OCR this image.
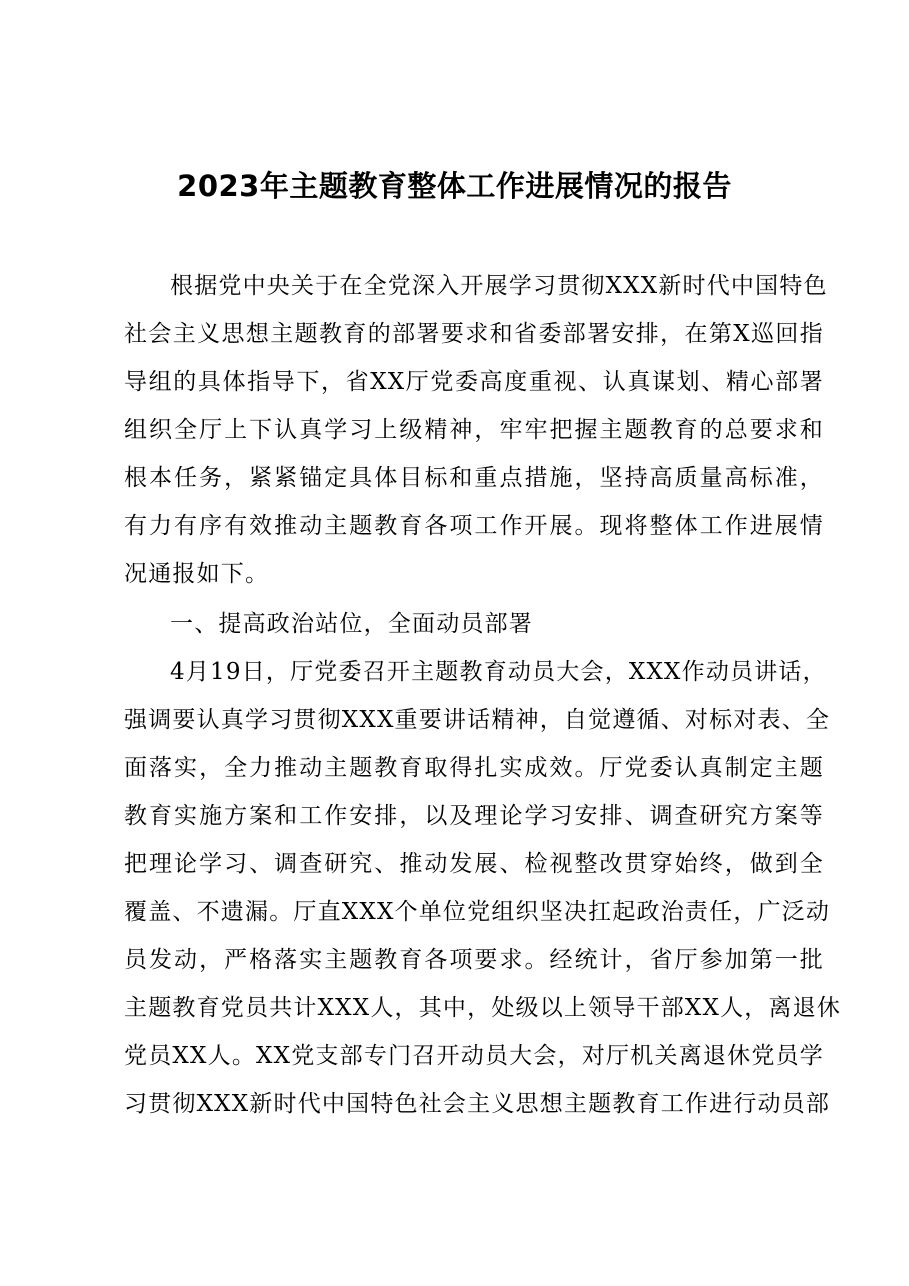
2023年主题教育整体工作进展情况的报告
根据党中央关于在全党深入开展学习贯彻XXX新时代中国特色
社会主义思想主题教育的部署要求和省委部署安排，在第X巡回指
导组的具体指导下，省XX厅党委高度重视、认真谋划、精心部署
组织全厅上下认真学习上级精神，牢牢把握主题教育的总要求和
根本任务，紧紧锚定具体目标和重点措施，坚持高质量高标准，
有力有序有效推动主题教育各项工作开展。现将整体工作进展情
况通报如下。
一、提高政治站位，全面动员部署
4月19日，厅党委召开主题教育动员大会，XXX作动员讲话，
强调要认真学习贯彻XXX重要讲话精神，自觉遵循、对标对表、全
面落实，全力推动主题教育取得扎实成效。厅党委认真制定主题
教育实施方案和工作安排，以及理论学习安排、调查研究方案等
把理论学习、调查研究、推动发展、检视整改贯穿始终，做到全
覆盖、不遗漏。厅直XXX个单位党组织坚决扛起政治责任，广泛动
员发动，严格落实主题教育各项要求。经统计，省厅参加第一批
主题教育党员共计XXX人，其中，处级以上领导干部XX人，离退休
党员XX人。XX党支部专门召开动员大会，对厅机关离退休党员学
习贯彻XXX新时代中国特色社会主义思想主题教育工作进行动员部
